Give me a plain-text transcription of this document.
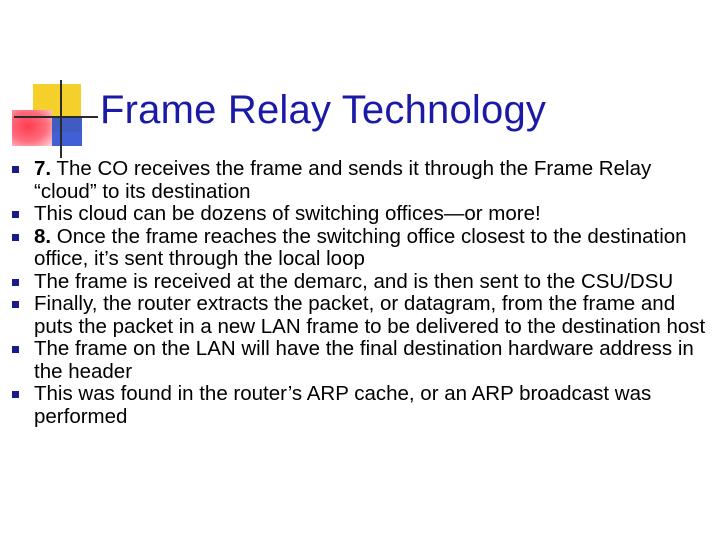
Frame Relay Technology
7. The CO receives the frame and sends it through the Frame Relay “cloud” to its destination
This cloud can be dozens of switching offices—or more!
8. Once the frame reaches the switching office closest to the destination office, it’s sent through the local loop
The frame is received at the demarc, and is then sent to the CSU/DSU
Finally, the router extracts the packet, or datagram, from the frame and puts the packet in a new LAN frame to be delivered to the destination host
The frame on the LAN will have the final destination hardware address in the header
This was found in the router’s ARP cache, or an ARP broadcast was performed
